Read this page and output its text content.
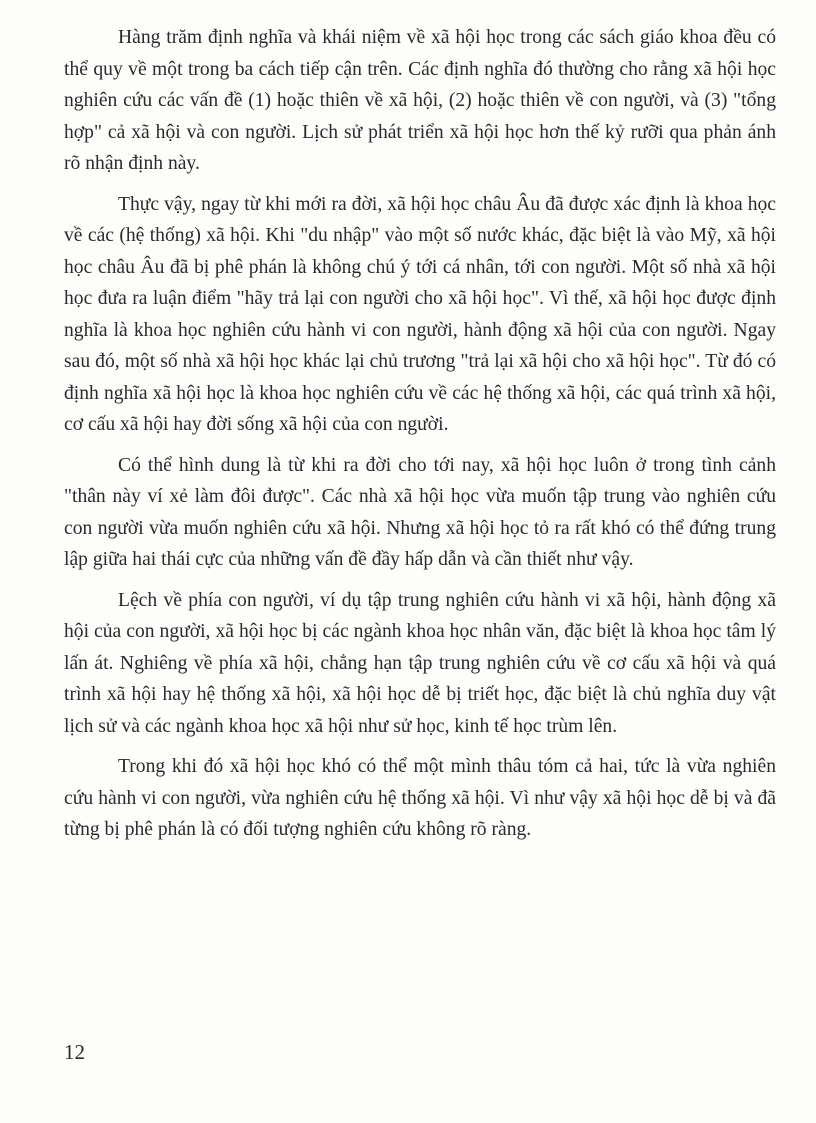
Hàng trăm định nghĩa và khái niệm về xã hội học trong các sách giáo khoa đều có thể quy về một trong ba cách tiếp cận trên. Các định nghĩa đó thường cho rằng xã hội học nghiên cứu các vấn đề (1) hoặc thiên về xã hội, (2) hoặc thiên về con người, và (3) "tổng hợp" cả xã hội và con người. Lịch sử phát triển xã hội học hơn thế kỷ rưỡi qua phản ánh rõ nhận định này.

Thực vậy, ngay từ khi mới ra đời, xã hội học châu Âu đã được xác định là khoa học về các (hệ thống) xã hội. Khi "du nhập" vào một số nước khác, đặc biệt là vào Mỹ, xã hội học châu Âu đã bị phê phán là không chú ý tới cá nhân, tới con người. Một số nhà xã hội học đưa ra luận điểm "hãy trả lại con người cho xã hội học". Vì thế, xã hội học được định nghĩa là khoa học nghiên cứu hành vi con người, hành động xã hội của con người. Ngay sau đó, một số nhà xã hội học khác lại chủ trương "trả lại xã hội cho xã hội học". Từ đó có định nghĩa xã hội học là khoa học nghiên cứu về các hệ thống xã hội, các quá trình xã hội, cơ cấu xã hội hay đời sống xã hội của con người.

Có thể hình dung là từ khi ra đời cho tới nay, xã hội học luôn ở trong tình cảnh "thân này ví xẻ làm đôi được". Các nhà xã hội học vừa muốn tập trung vào nghiên cứu con người vừa muốn nghiên cứu xã hội. Nhưng xã hội học tỏ ra rất khó có thể đứng trung lập giữa hai thái cực của những vấn đề đầy hấp dẫn và cần thiết như vậy.

Lệch về phía con người, ví dụ tập trung nghiên cứu hành vi xã hội, hành động xã hội của con người, xã hội học bị các ngành khoa học nhân văn, đặc biệt là khoa học tâm lý lấn át. Nghiêng về phía xã hội, chẳng hạn tập trung nghiên cứu về cơ cấu xã hội và quá trình xã hội hay hệ thống xã hội, xã hội học dễ bị triết học, đặc biệt là chủ nghĩa duy vật lịch sử và các ngành khoa học xã hội như sử học, kinh tế học trùm lên.

Trong khi đó xã hội học khó có thể một mình thâu tóm cả hai, tức là vừa nghiên cứu hành vi con người, vừa nghiên cứu hệ thống xã hội. Vì như vậy xã hội học dễ bị và đã từng bị phê phán là có đối tượng nghiên cứu không rõ ràng.

12
